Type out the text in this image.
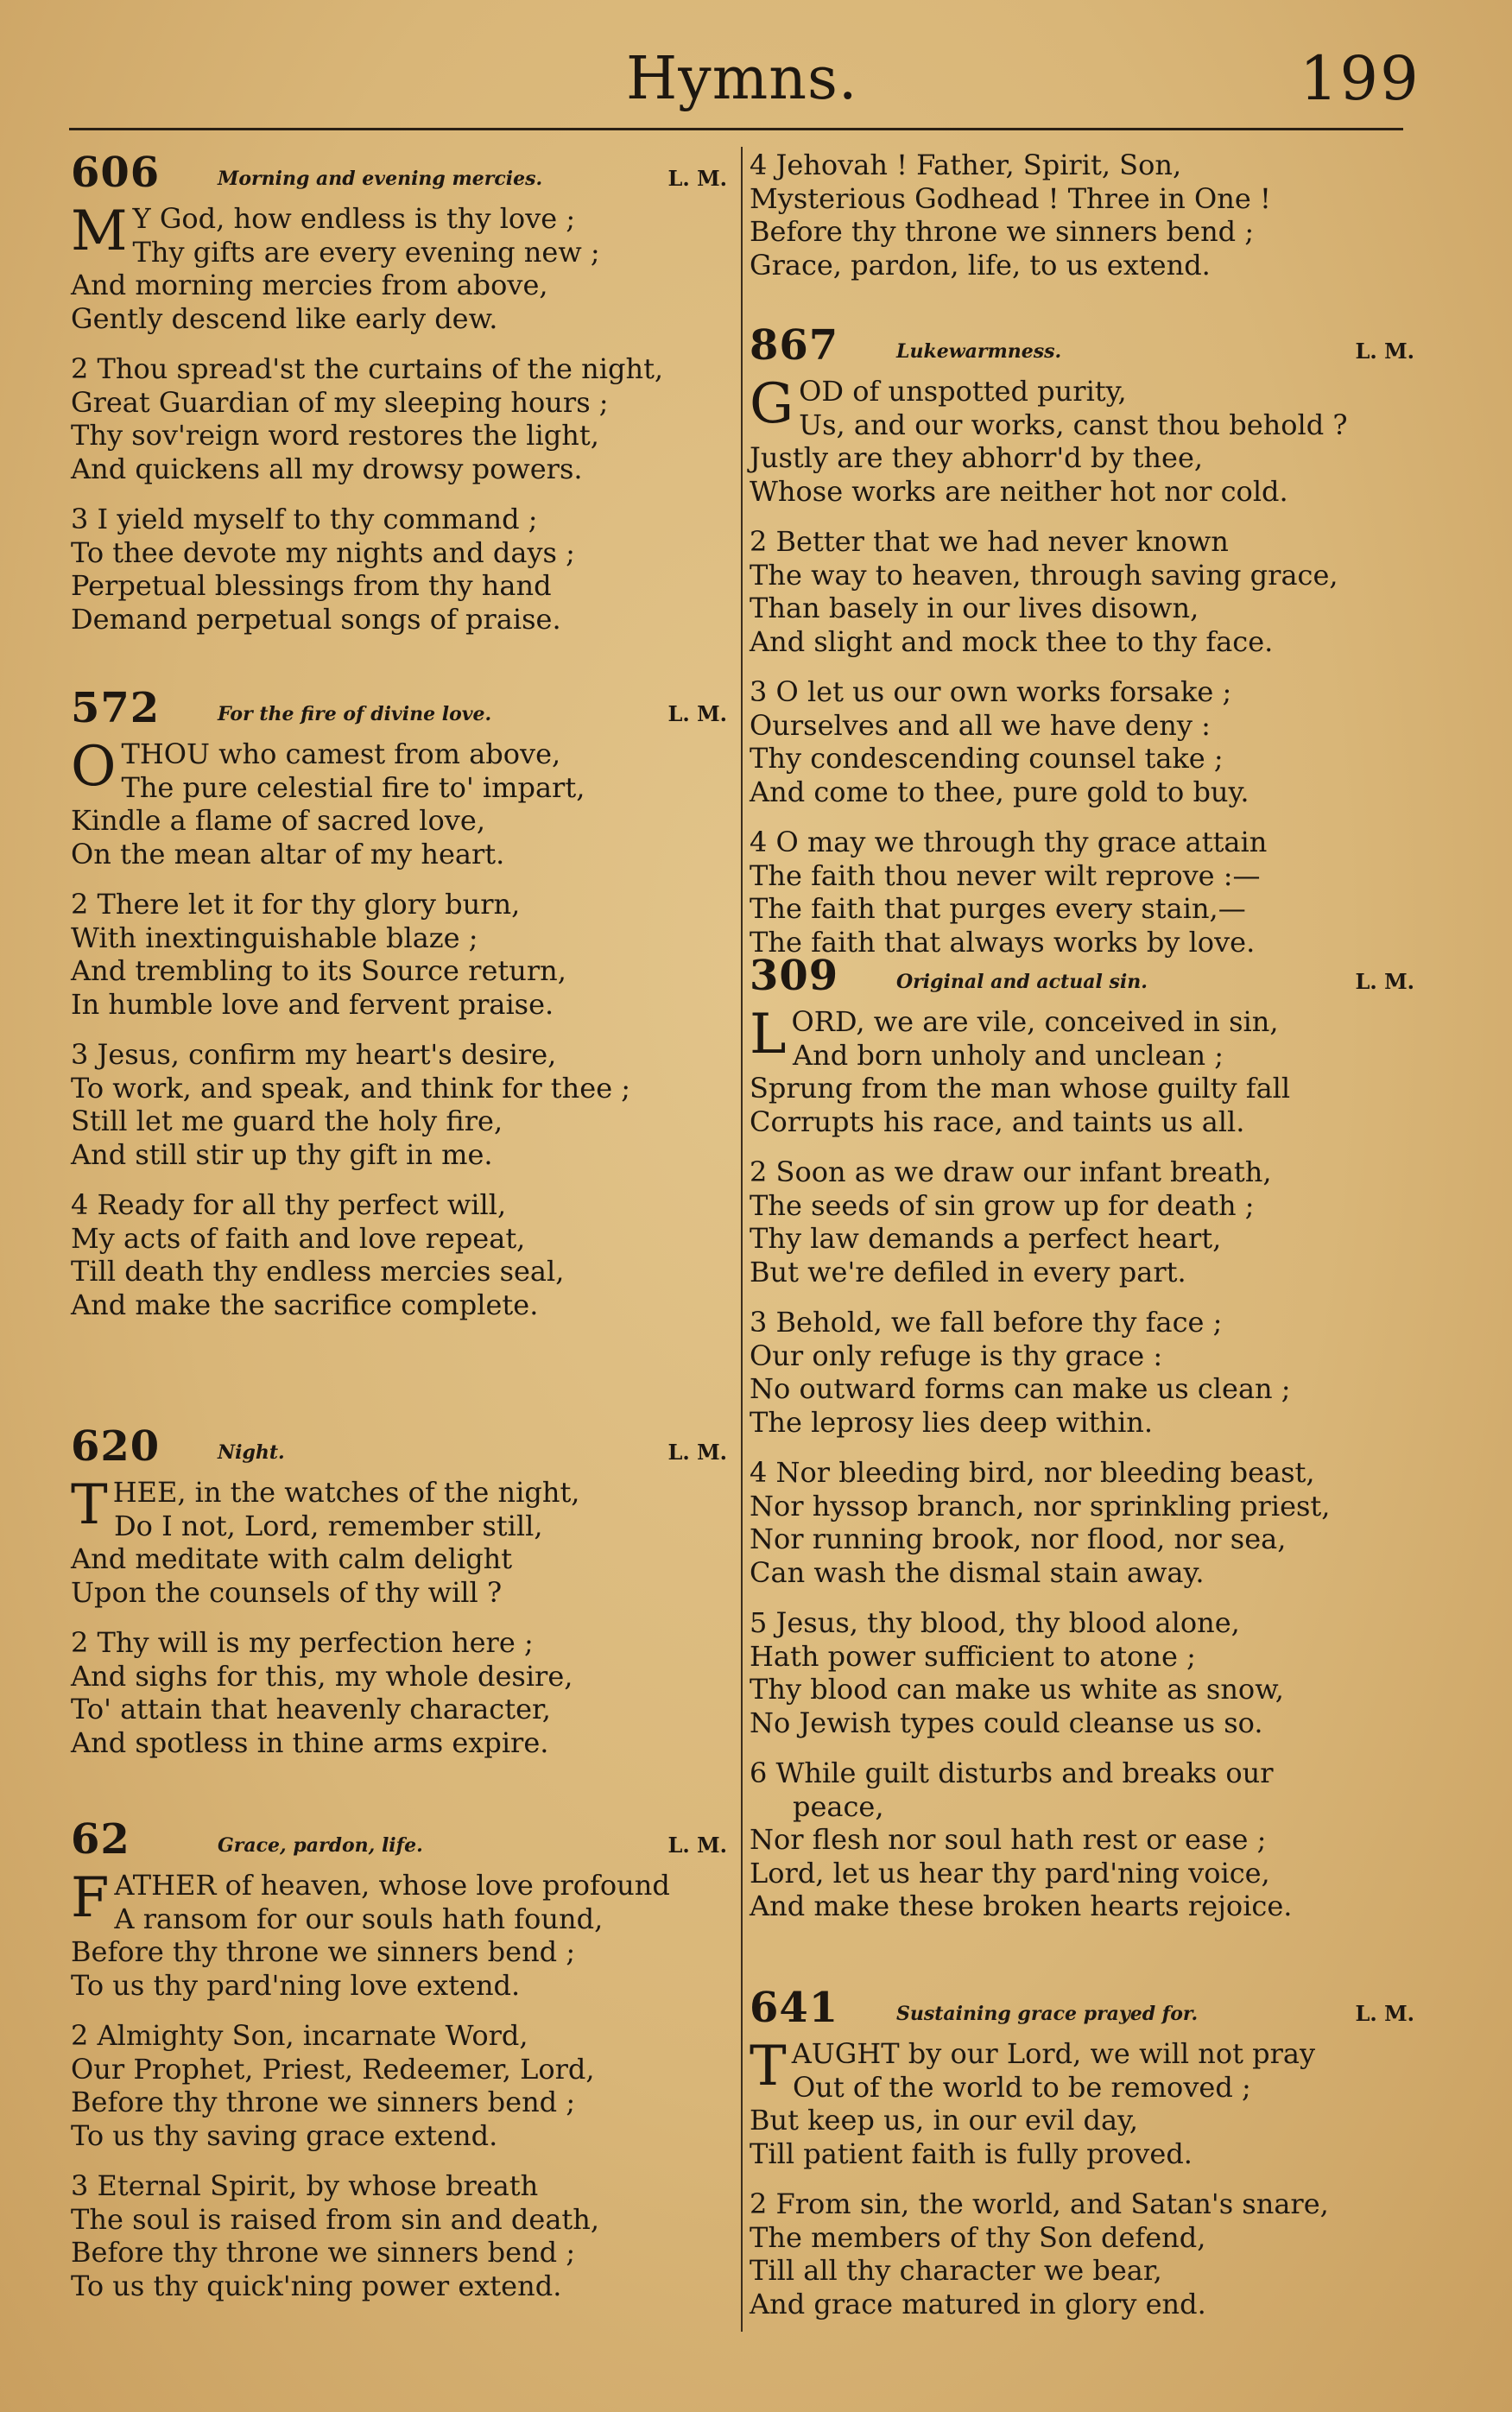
Hymns.	199
606	Morning and evening mercies.	L. M.
M Y God, how endless is thy love ;
Thy gifts are every evening new ;
And morning mercies from above,
Gently descend like early dew.
2 Thou spread'st the curtains of the night,
Great Guardian of my sleeping hours ;
Thy sov'reign word restores the light,
And quickens all my drowsy powers.
3 I yield myself to thy command ;
To thee devote my nights and days ;
Perpetual blessings from thy hand
Demand perpetual songs of praise.
572	For the fire of divine love.	L. M.
OTHOU who camest from above,
The pure celestial fire to' impart,
Kindle a flame of sacred love,
On the mean altar of my heart.
2 There let it for thy glory burn,
With inextinguishable blaze ;
And trembling to its Source return,
In humble love and fervent praise.
3 Jesus, confirm my heart's desire,
To work, and speak, and think for thee ;
Still let me guard the holy fire,
And still stir up thy gift in me.
4 Ready for all thy perfect will,
My acts of faith and love repeat,
Till death thy endless mercies seal,
And make the sacrifice complete.
620	Night.	L. M.
THEE, in the watches of the night,
Do I not, Lord, remember still,
And meditate with calm delight
Upon the counsels of thy will ?
2 Thy will is my perfection here ;
And sighs for this, my whole desire,
To' attain that heavenly character,
And spotless in thine arms expire.
62	Grace, pardon, life.	L. M.
FATHER of heaven, whose love profound
A ransom for our souls hath found,
Before thy throne we sinners bend ;
To us thy pard'ning love extend.
2 Almighty Son, incarnate Word,
Our Prophet, Priest, Redeemer, Lord,
Before thy throne we sinners bend ;
To us thy saving grace extend.
3 Eternal Spirit, by whose breath
The soul is raised from sin and death,
Before thy throne we sinners bend ;
To us thy quick'ning power extend.
4 Jehovah ! Father, Spirit, Son,
Mysterious Godhead ! Three in One !
Before thy throne we sinners bend ;
Grace, pardon, life, to us extend.
867	Lukewarmness.	L. M.
GOD of unspotted purity,
Us, and our works, canst thou behold ?
Justly are they abhorr'd by thee,
Whose works are neither hot nor cold.
2 Better that we had never known
The way to heaven, through saving grace,
Than basely in our lives disown,
And slight and mock thee to thy face.
3 O let us our own works forsake ;
Ourselves and all we have deny :
Thy condescending counsel take ;
And come to thee, pure gold to buy.
4 O may we through thy grace attain
The faith thou never wilt reprove :—
The faith that purges every stain,—
The faith that always works by love.
309	Original and actual sin.	L. M.
LORD, we are vile, conceived in sin,
And born unholy and unclean ;
Sprung from the man whose guilty fall
Corrupts his race, and taints us all.
2 Soon as we draw our infant breath,
The seeds of sin grow up for death ;
Thy law demands a perfect heart,
But we're defiled in every part.
3 Behold, we fall before thy face ;
Our only refuge is thy grace :
No outward forms can make us clean ;
The leprosy lies deep within.
4 Nor bleeding bird, nor bleeding beast,
Nor hyssop branch, nor sprinkling priest,
Nor running brook, nor flood, nor sea,
Can wash the dismal stain away.
5 Jesus, thy blood, thy blood alone,
Hath power sufficient to atone ;
Thy blood can make us white as snow,
No Jewish types could cleanse us so.
6 While guilt disturbs and breaks our
peace,
Nor flesh nor soul hath rest or ease ;
Lord, let us hear thy pard'ning voice,
And make these broken hearts rejoice.
641	Sustaining grace prayed for.	L. M.
TAUGHT by our Lord, we will not pray
Out of the world to be removed ;
But keep us, in our evil day,
Till patient faith is fully proved.
2 From sin, the world, and Satan's snare,
The members of thy Son defend,
Till all thy character we bear,
And grace matured in glory end.
